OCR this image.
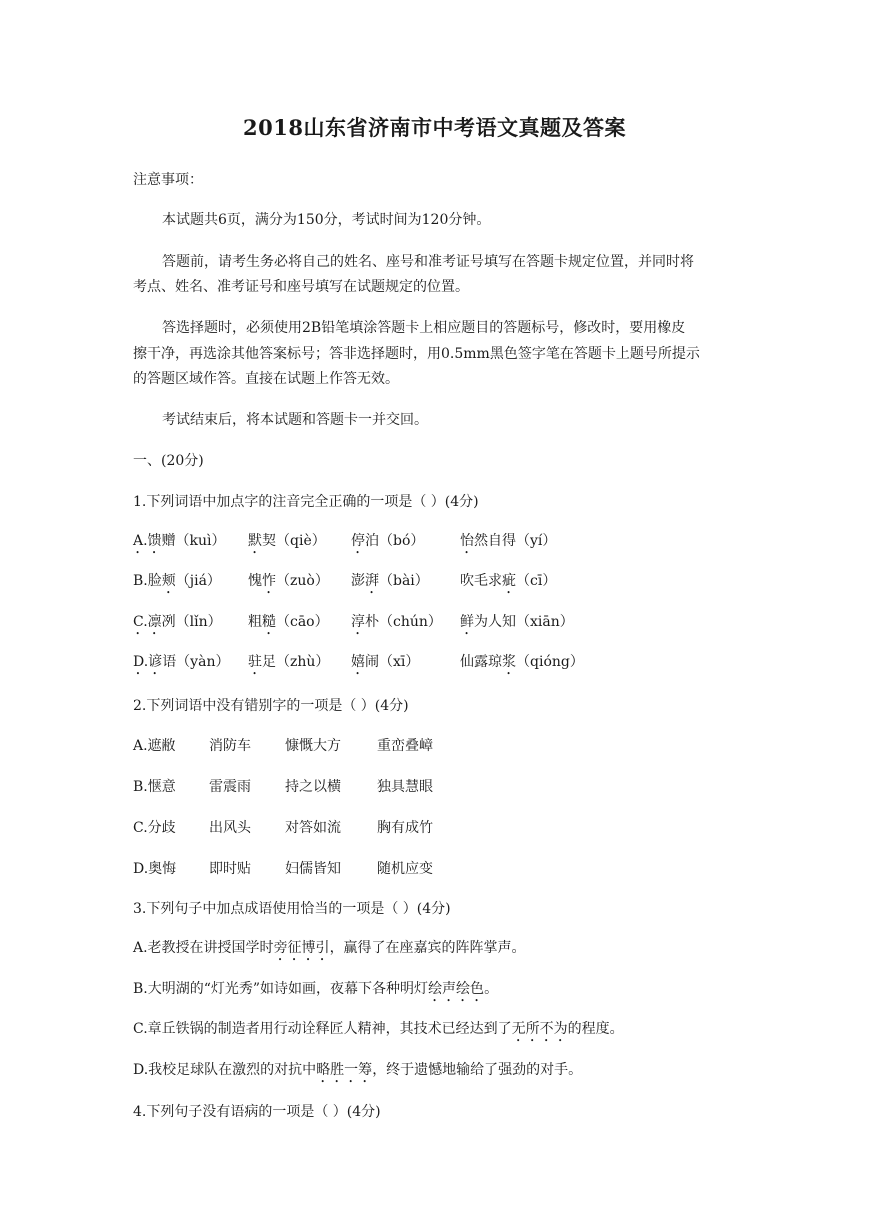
2018山东省济南市中考语文真题及答案
注意事项：
本试题共6页，满分为150分，考试时间为120分钟。
答题前，请考生务必将自己的姓名、座号和准考证号填写在答题卡规定位置，并同时将
考点、姓名、准考证号和座号填写在试题规定的位置。
答选择题时，必须使用2B铅笔填涂答题卡上相应题目的答题标号，修改时，要用橡皮
擦干净，再选涂其他答案标号；答非选择题时，用0.5mm黑色签字笔在答题卡上题号所提示
的答题区域作答。直接在试题上作答无效。
考试结束后，将本试题和答题卡一并交回。
一、(20分)
1.下列词语中加点字的注音完全正确的一项是（ ）(4分)
A.馈赠（kuì） 默契（qiè） 停泊（bó）	怡然自得（yí）
B.脸颊（jiá） 愧怍（zuò） 澎湃（bài） 吹毛求疵（cī）
C.凛冽（lǐn） 粗糙（cāo） 淳朴（chún） 鲜为人知（xiān）
D.谚语（yàn） 驻足（zhù） 嬉闹（xī）	仙露琼浆（qióng）
2.下列词语中没有错别字的一项是（ ）(4分)
A.遮敝 消防车 慷慨大方	重峦叠嶂
B.惬意 雷震雨 持之以横	独具慧眼
C.分歧 出风头 对答如流	胸有成竹
D.奥悔 即时贴 妇儒皆知	随机应变
3.下列句子中加点成语使用恰当的一项是（ ）(4分)
A.老教授在讲授国学时旁征博引，赢得了在座嘉宾的阵阵掌声。
B.大明湖的“灯光秀”如诗如画，夜幕下各种明灯绘声绘色。
C.章丘铁锅的制造者用行动诠释匠人精神，其技术已经达到了无所不为的程度。
D.我校足球队在激烈的对抗中略胜一筹，终于遗憾地输给了强劲的对手。
4.下列句子没有语病的一项是（ ）(4分)
